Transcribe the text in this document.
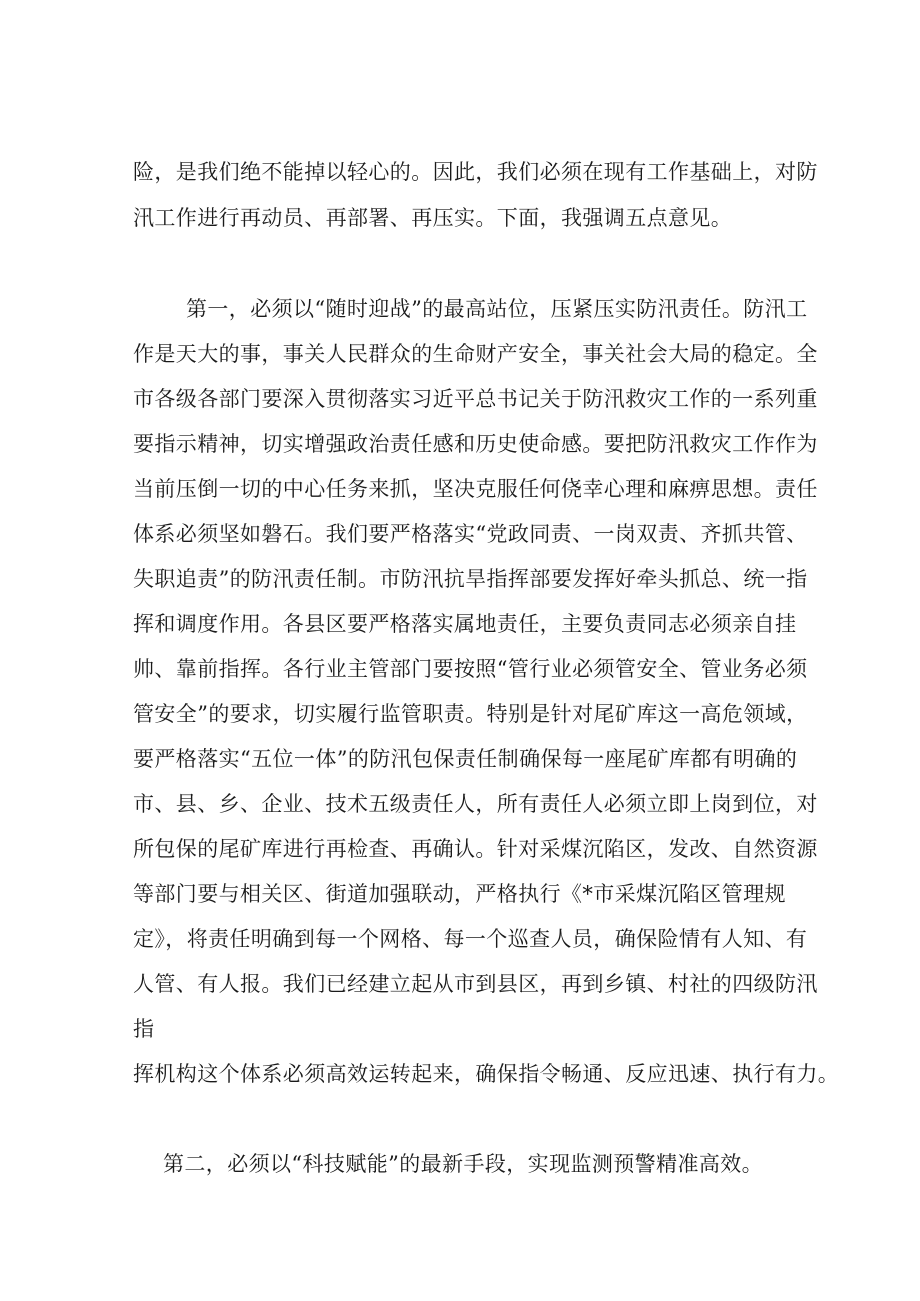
险，是我们绝不能掉以轻心的。因此，我们必须在现有工作基础上，对防
汛工作进行再动员、再部署、再压实。下面，我强调五点意见。
第一，必须以“随时迎战”的最高站位，压紧压实防汛责任。防汛工
作是天大的事，事关人民群众的生命财产安全，事关社会大局的稳定。全
市各级各部门要深入贯彻落实习近平总书记关于防汛救灾工作的一系列重
要指示精神，切实增强政治责任感和历史使命感。要把防汛救灾工作作为
当前压倒一切的中心任务来抓，坚决克服任何侥幸心理和麻痹思想。责任
体系必须坚如磐石。我们要严格落实“党政同责、一岗双责、齐抓共管、
失职追责”的防汛责任制。市防汛抗旱指挥部要发挥好牵头抓总、统一指
挥和调度作用。各县区要严格落实属地责任，主要负责同志必须亲自挂
帅、靠前指挥。各行业主管部门要按照“管行业必须管安全、管业务必须
管安全”的要求，切实履行监管职责。特别是针对尾矿库这一高危领域，
要严格落实“五位一体”的防汛包保责任制确保每一座尾矿库都有明确的
市、县、乡、企业、技术五级责任人，所有责任人必须立即上岗到位，对
所包保的尾矿库进行再检查、再确认。针对采煤沉陷区，发改、自然资源
等部门要与相关区、街道加强联动，严格执行《*市采煤沉陷区管理规
定》，将责任明确到每一个网格、每一个巡查人员，确保险情有人知、有
人管、有人报。我们已经建立起从市到县区，再到乡镇、村社的四级防汛
指
挥机构这个体系必须高效运转起来，确保指令畅通、反应迅速、执行有力。
第二，必须以“科技赋能”的最新手段，实现监测预警精准高效。
